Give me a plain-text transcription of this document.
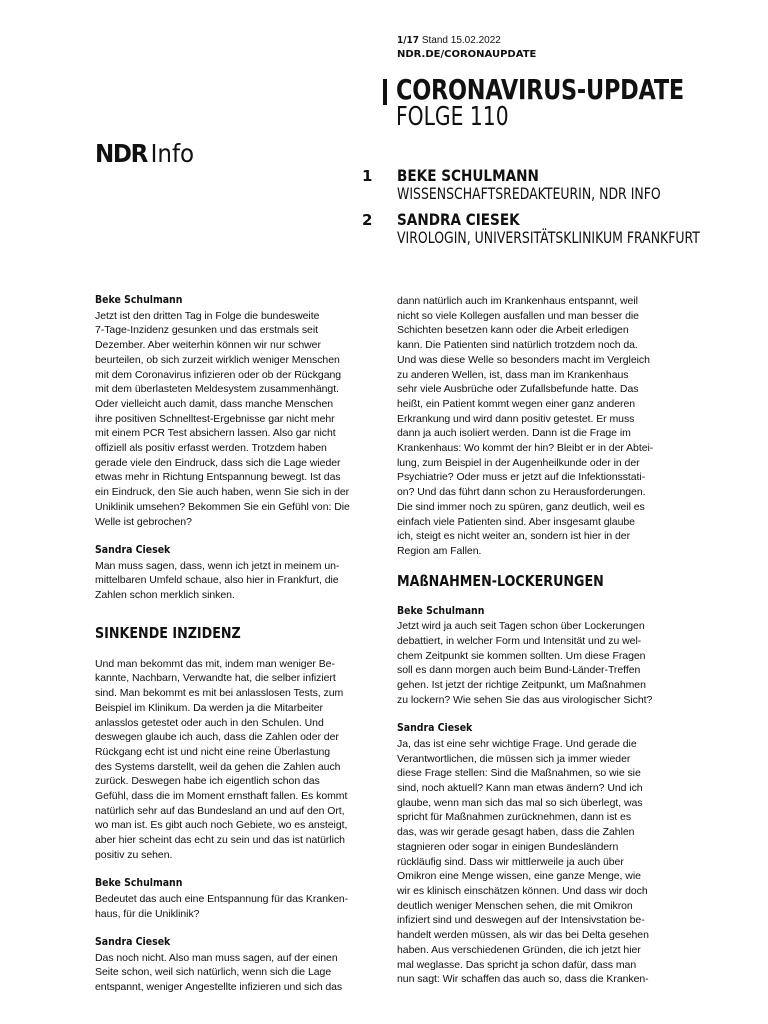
1/17 Stand 15.02.2022
NDR.DE/CORONAUPDATE
CORONAVIRUS-UPDATE
FOLGE 110
NDR Info
1 BEKE SCHULMANN
WISSENSCHAFTSREDAKTEURIN, NDR INFO
2 SANDRA CIESEK
VIROLOGIN, UNIVERSITÄTSKLINIKUM FRANKFURT

Beke Schulmann

Jetzt ist den dritten Tag in Folge die bundesweite
7-Tage-Inzidenz gesunken und das erstmals seit
Dezember. Aber weiterhin können wir nur schwer
beurteilen, ob sich zurzeit wirklich weniger Menschen
mit dem Coronavirus infizieren oder ob der Rückgang
mit dem überlasteten Meldesystem zusammenhängt.
Oder vielleicht auch damit, dass manche Menschen
ihre positiven Schnelltest-Ergebnisse gar nicht mehr
mit einem PCR Test absichern lassen. Also gar nicht
offiziell als positiv erfasst werden. Trotzdem haben
gerade viele den Eindruck, dass sich die Lage wieder
etwas mehr in Richtung Entspannung bewegt. Ist das
ein Eindruck, den Sie auch haben, wenn Sie sich in der
Uniklinik umsehen? Bekommen Sie ein Gefühl von: Die
Welle ist gebrochen?

Sandra Ciesek

Man muss sagen, dass, wenn ich jetzt in meinem un-
mittelbaren Umfeld schaue, also hier in Frankfurt, die
Zahlen schon merklich sinken.

SINKENDE INZIDENZ

Und man bekommt das mit, indem man weniger Be-
kannte, Nachbarn, Verwandte hat, die selber infiziert
sind. Man bekommt es mit bei anlasslosen Tests, zum
Beispiel im Klinikum. Da werden ja die Mitarbeiter
anlasslos getestet oder auch in den Schulen. Und
deswegen glaube ich auch, dass die Zahlen oder der
Rückgang echt ist und nicht eine reine Überlastung
des Systems darstellt, weil da gehen die Zahlen auch
zurück. Deswegen habe ich eigentlich schon das
Gefühl, dass die im Moment ernsthaft fallen. Es kommt
natürlich sehr auf das Bundesland an und auf den Ort,
wo man ist. Es gibt auch noch Gebiete, wo es ansteigt,
aber hier scheint das echt zu sein und das ist natürlich
positiv zu sehen.

Beke Schulmann

Bedeutet das auch eine Entspannung für das Kranken-
haus, für die Uniklinik?

Sandra Ciesek

Das noch nicht. Also man muss sagen, auf der einen
Seite schon, weil sich natürlich, wenn sich die Lage
entspannt, weniger Angestellte infizieren und sich das
dann natürlich auch im Krankenhaus entspannt, weil
nicht so viele Kollegen ausfallen und man besser die
Schichten besetzen kann oder die Arbeit erledigen
kann. Die Patienten sind natürlich trotzdem noch da.
Und was diese Welle so besonders macht im Vergleich
zu anderen Wellen, ist, dass man im Krankenhaus
sehr viele Ausbrüche oder Zufallsbefunde hatte. Das
heißt, ein Patient kommt wegen einer ganz anderen
Erkrankung und wird dann positiv getestet. Er muss
dann ja auch isoliert werden. Dann ist die Frage im
Krankenhaus: Wo kommt der hin? Bleibt er in der Abtei-
lung, zum Beispiel in der Augenheilkunde oder in der
Psychiatrie? Oder muss er jetzt auf die Infektionsstati-
on? Und das führt dann schon zu Herausforderungen.
Die sind immer noch zu spüren, ganz deutlich, weil es
einfach viele Patienten sind. Aber insgesamt glaube
ich, steigt es nicht weiter an, sondern ist hier in der
Region am Fallen.

MAßNAHMEN-LOCKERUNGEN

Beke Schulmann

Jetzt wird ja auch seit Tagen schon über Lockerungen
debattiert, in welcher Form und Intensität und zu wel-
chem Zeitpunkt sie kommen sollten. Um diese Fragen
soll es dann morgen auch beim Bund-Länder-Treffen
gehen. Ist jetzt der richtige Zeitpunkt, um Maßnahmen
zu lockern? Wie sehen Sie das aus virologischer Sicht?

Sandra Ciesek

Ja, das ist eine sehr wichtige Frage. Und gerade die
Verantwortlichen, die müssen sich ja immer wieder
diese Frage stellen: Sind die Maßnahmen, so wie sie
sind, noch aktuell? Kann man etwas ändern? Und ich
glaube, wenn man sich das mal so sich überlegt, was
spricht für Maßnahmen zurücknehmen, dann ist es
das, was wir gerade gesagt haben, dass die Zahlen
stagnieren oder sogar in einigen Bundesländern
rückläufig sind. Dass wir mittlerweile ja auch über
Omikron eine Menge wissen, eine ganze Menge, wie
wir es klinisch einschätzen können. Und dass wir doch
deutlich weniger Menschen sehen, die mit Omikron
infiziert sind und deswegen auf der Intensivstation be-
handelt werden müssen, als wir das bei Delta gesehen
haben. Aus verschiedenen Gründen, die ich jetzt hier
mal weglasse. Das spricht ja schon dafür, dass man
nun sagt: Wir schaffen das auch so, dass die Kranken-
